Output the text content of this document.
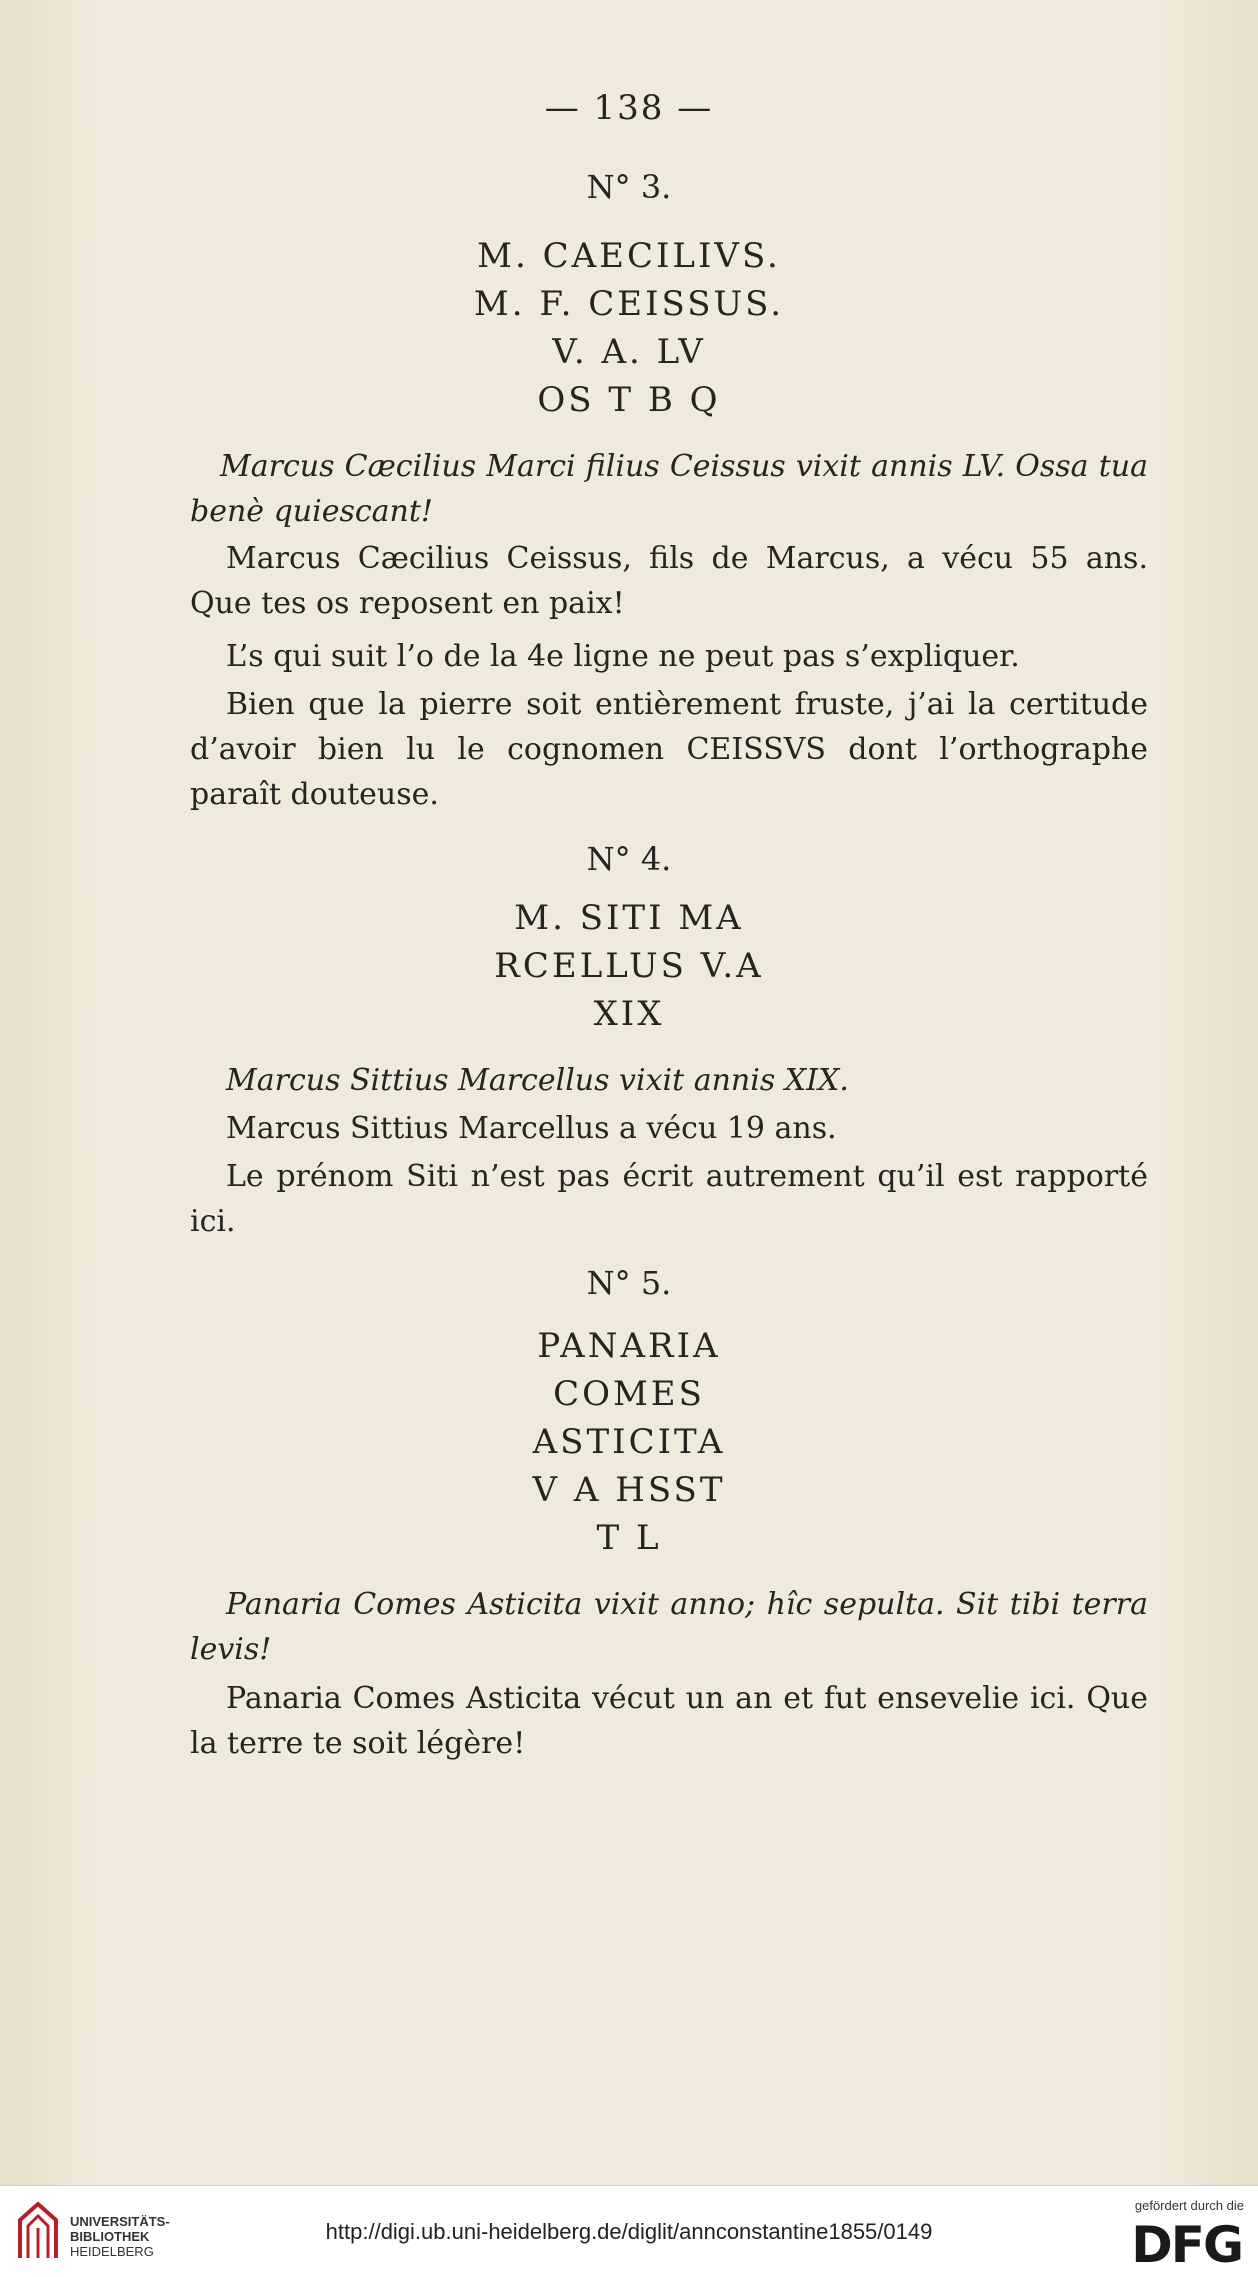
— 138 —
N° 3.
M. CAECILIVS.
M. F. CEISSUS.
V. A. LV
OS T B Q

Marcus Cæcilius Marci filius Ceissus vixit annis LV. Ossa tua benè quiescant!

Marcus Cæcilius Ceissus, fils de Marcus, a vécu 55 ans. Que tes os reposent en paix!

L’s qui suit l’o de la 4e ligne ne peut pas s’expliquer.

Bien que la pierre soit entièrement fruste, j’ai la certitude d’avoir bien lu le cognomen CEISSVS dont l’orthographe paraît douteuse.

N° 4.
M. SITI MA
RCELLUS V.A
XIX

Marcus Sittius Marcellus vixit annis XIX.

Marcus Sittius Marcellus a vécu 19 ans.

Le prénom Siti n’est pas écrit autrement qu’il est rapporté ici.

N° 5.
PANARIA
COMES
ASTICITA
V A HSST
T L

Panaria Comes Asticita vixit anno; hîc sepulta. Sit tibi terra levis!

Panaria Comes Asticita vécut un an et fut ensevelie ici. Que la terre te soit légère!

UNIVERSITÄTS-
BIBLIOTHEK
HEIDELBERG
http://digi.ub.uni-heidelberg.de/diglit/annconstantine1855/0149
gefördert durch die
DFG
